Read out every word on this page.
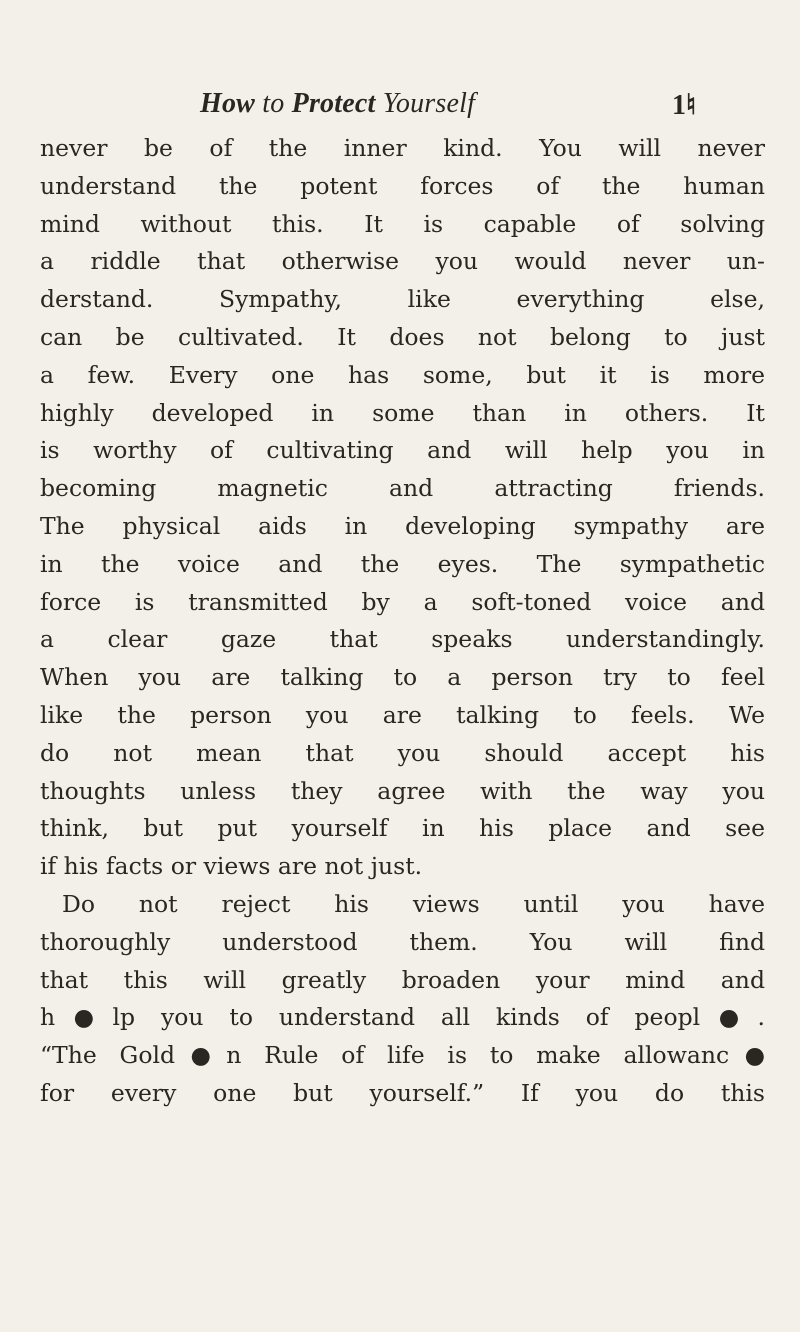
How to Protect Yourself	1♮
never be of the inner kind. You will never
understand the potent forces of the human
mind without this. It is capable of solving
a riddle that otherwise you would never un-
derstand. Sympathy, like everything else,
can be cultivated. It does not belong to just
a few. Every one has some, but it is more
highly developed in some than in others. It
is worthy of cultivating and will help you in
becoming magnetic and attracting friends.
The physical aids in developing sympathy are
in the voice and the eyes. The sympathetic
force is transmitted by a soft-toned voice and
a clear gaze that speaks understandingly.
When you are talking to a person try to feel
like the person you are talking to feels. We
do not mean that you should accept his
thoughts unless they agree with the way you
think, but put yourself in his place and see
if his facts or views are not just.
Do not reject his views until you have
thoroughly understood them. You will find
that this will greatly broaden your mind and
h●lp you to understand all kinds of peopl●.
“The Gold●n Rule of life is to make allowanc●
for every one but yourself.” If you do this
